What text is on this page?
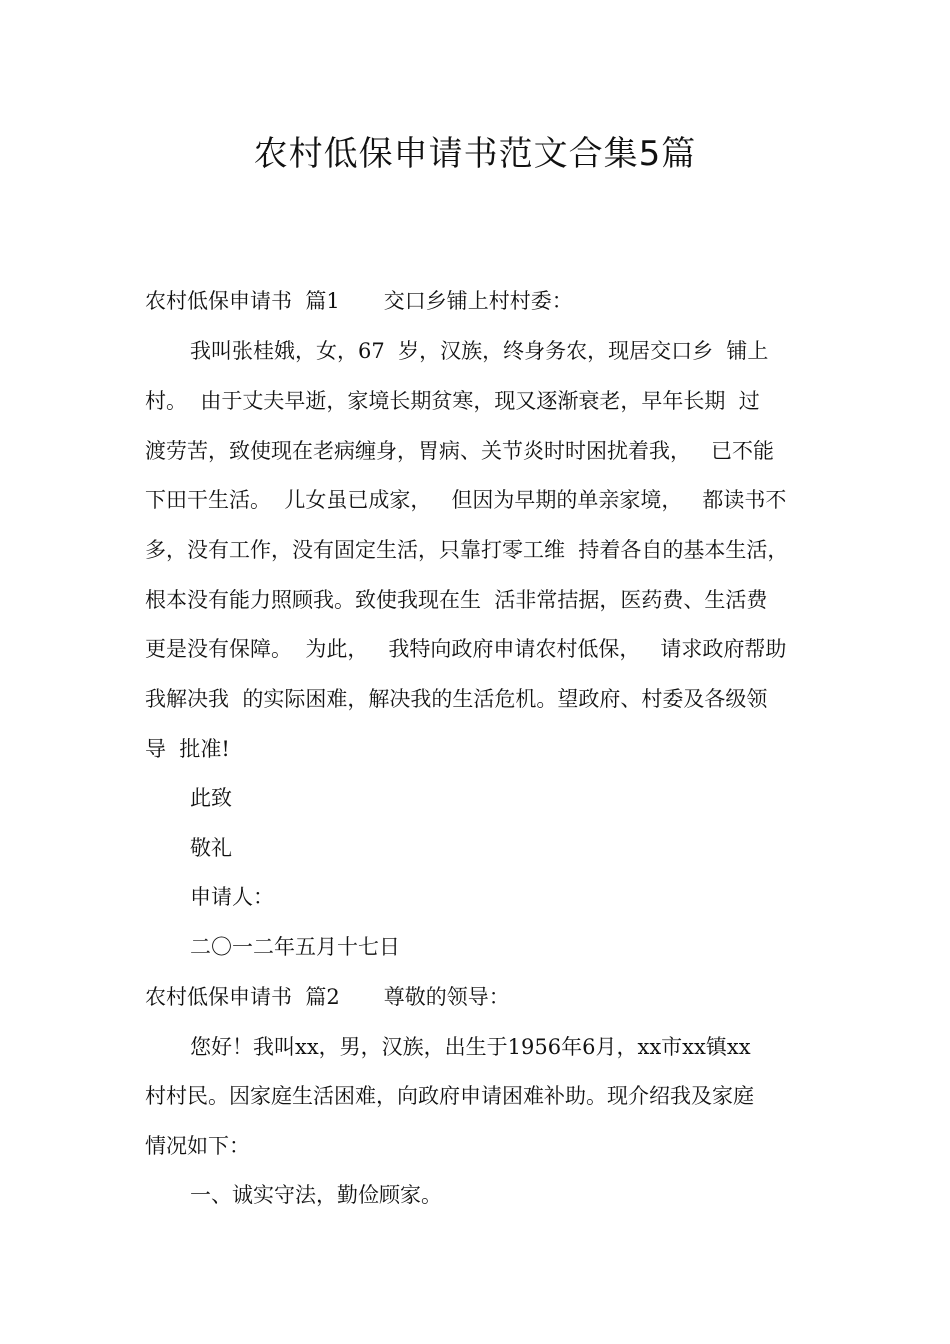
农村低保申请书范文合集5篇
农村低保申请书  篇1 交口乡铺上村村委：
我叫张桂娥，女，67  岁，汉族，终身务农，现居交口乡  铺上
村。  由于丈夫早逝，家境长期贫寒，现又逐渐衰老，早年长期  过
渡劳苦，致使现在老病缠身，胃病、关节炎时时困扰着我，   已不能
下田干生活。  儿女虽已成家，   但因为早期的单亲家境，   都读书不
多，没有工作，没有固定生活，只靠打零工维  持着各自的基本生活，
根本没有能力照顾我。致使我现在生  活非常拮据，医药费、生活费
更是没有保障。  为此，   我特向政府申请农村低保，   请求政府帮助
我解决我  的实际困难，解决我的生活危机。望政府、村委及各级领
导  批准!
此致
敬礼
申请人：
二〇一二年五月十七日
农村低保申请书  篇2 尊敬的领导：
您好！我叫xx，男，汉族，出生于1956年6月，xx市xx镇xx
村村民。因家庭生活困难，向政府申请困难补助。现介绍我及家庭
情况如下：
一、诚实守法，勤俭顾家。
